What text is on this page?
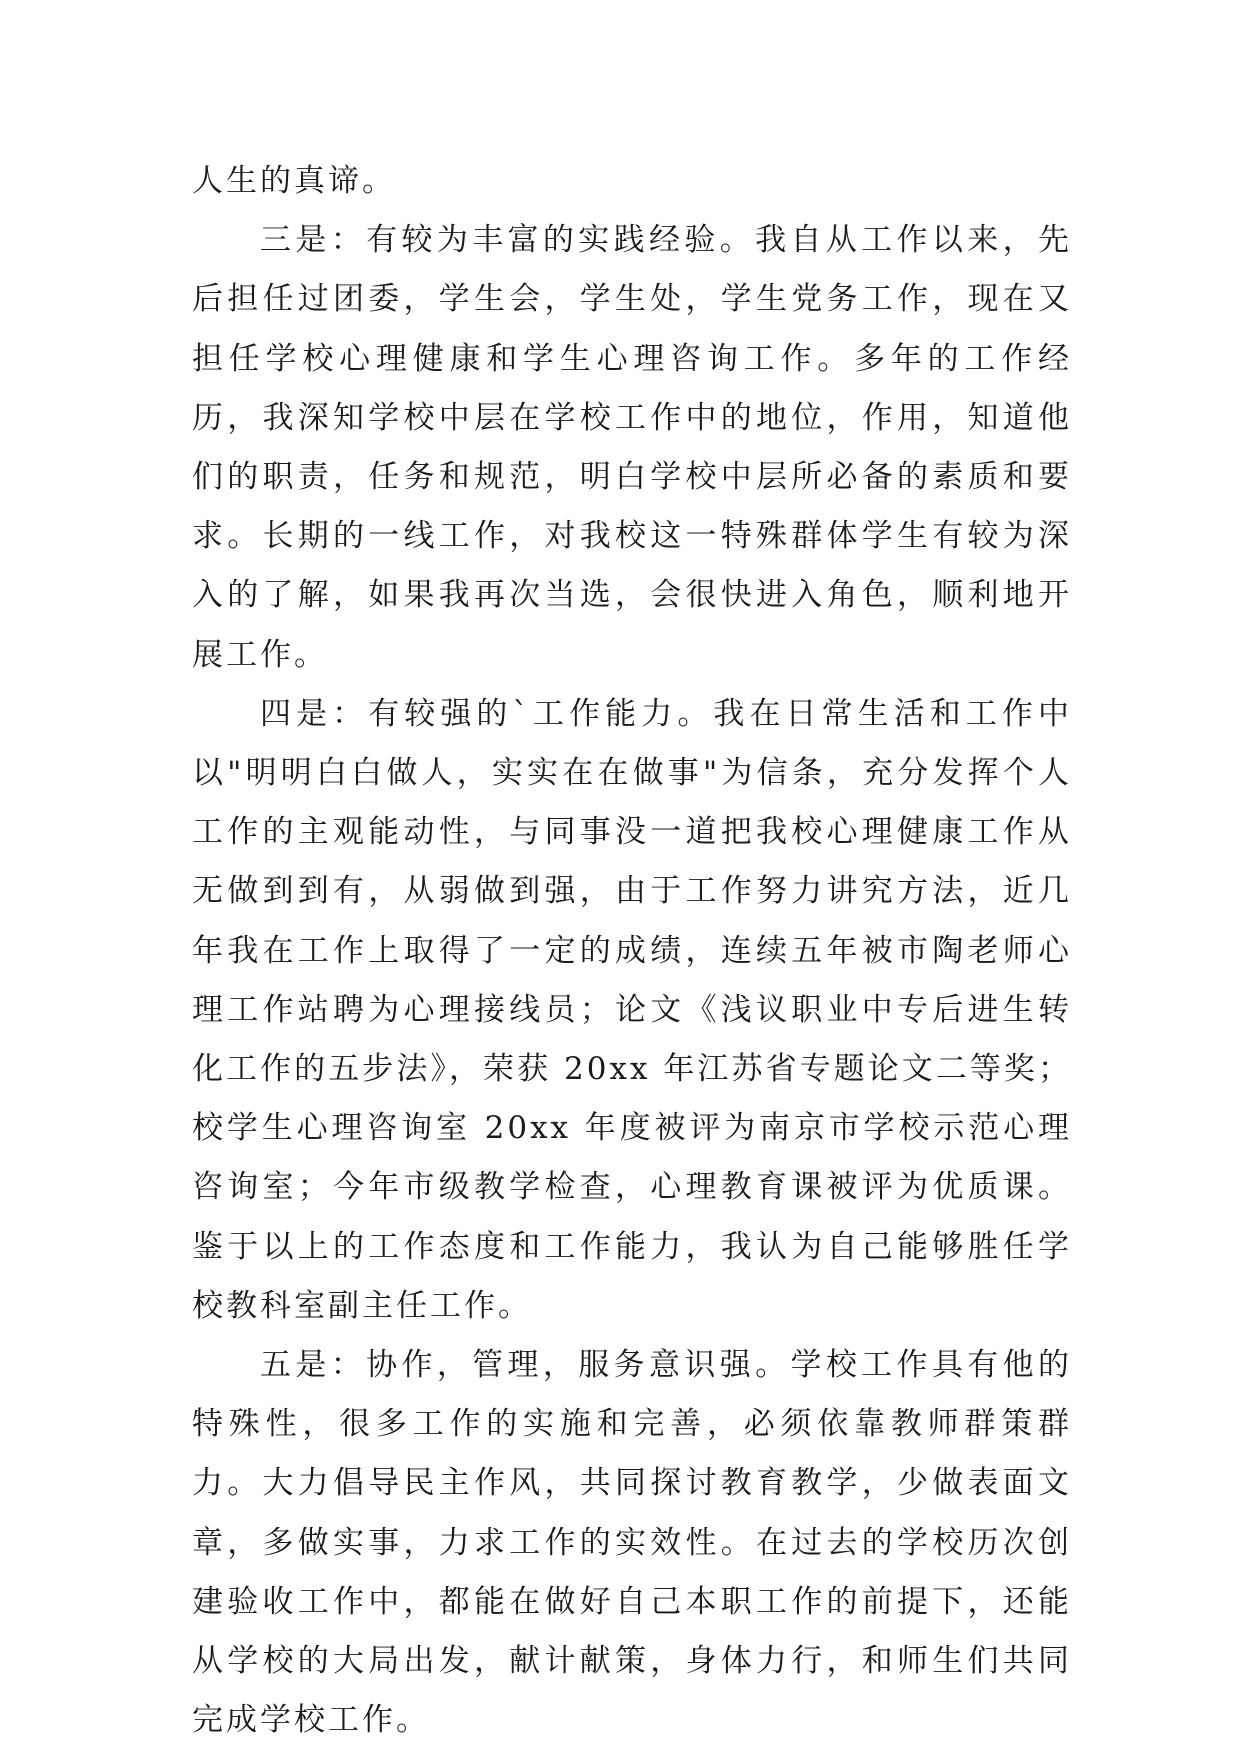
人生的真谛。

三是：有较为丰富的实践经验。我自从工作以来，先后担任过团委，学生会，学生处，学生党务工作，现在又担任学校心理健康和学生心理咨询工作。多年的工作经历，我深知学校中层在学校工作中的地位，作用，知道他们的职责，任务和规范，明白学校中层所必备的素质和要求。长期的一线工作，对我校这一特殊群体学生有较为深入的了解，如果我再次当选，会很快进入角色，顺利地开展工作。

四是：有较强的`工作能力。我在日常生活和工作中以"明明白白做人，实实在在做事"为信条，充分发挥个人工作的主观能动性，与同事没一道把我校心理健康工作从无做到到有，从弱做到强，由于工作努力讲究方法，近几年我在工作上取得了一定的成绩，连续五年被市陶老师心理工作站聘为心理接线员；论文《浅议职业中专后进生转化工作的五步法》，荣获 20xx 年江苏省专题论文二等奖；校学生心理咨询室 20xx 年度被评为南京市学校示范心理咨询室；今年市级教学检查，心理教育课被评为优质课。鉴于以上的工作态度和工作能力，我认为自己能够胜任学校教科室副主任工作。

五是：协作，管理，服务意识强。学校工作具有他的特殊性，很多工作的实施和完善，必须依靠教师群策群力。大力倡导民主作风，共同探讨教育教学，少做表面文章，多做实事，力求工作的实效性。在过去的学校历次创建验收工作中，都能在做好自己本职工作的前提下，还能从学校的大局出发，献计献策，身体力行，和师生们共同完成学校工作。
